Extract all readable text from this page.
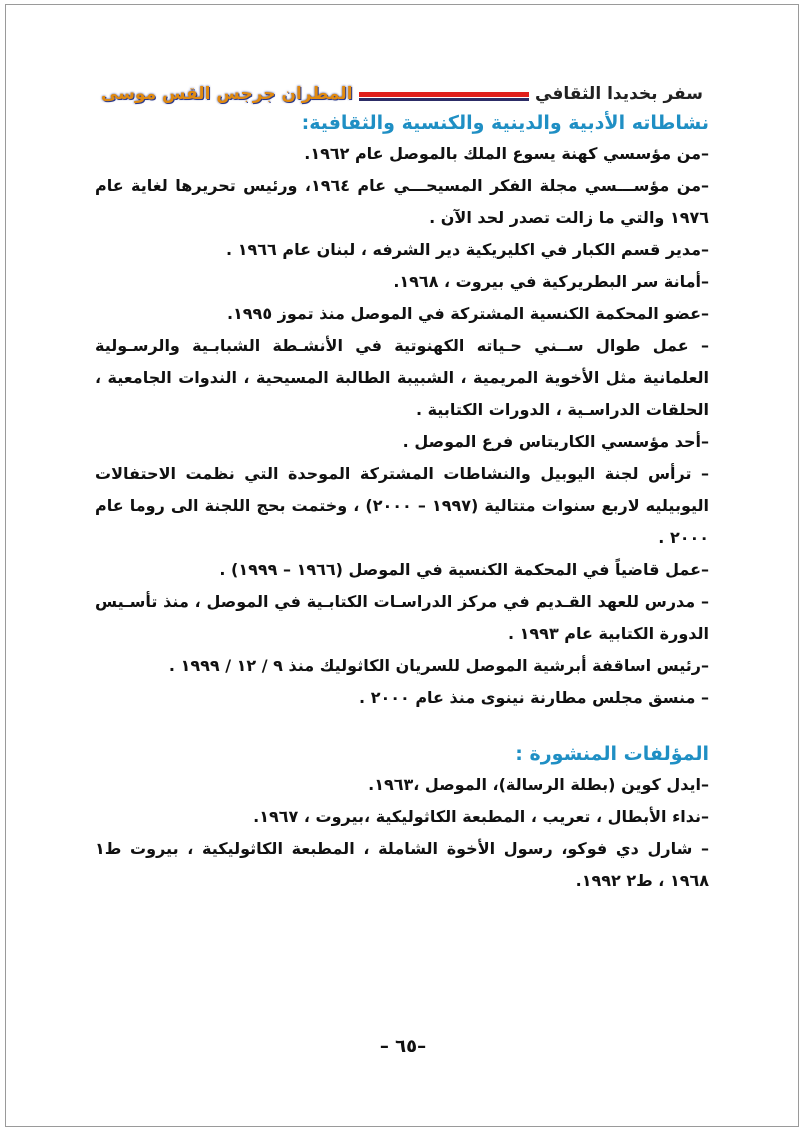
سفر بخديدا الثقافي
المطران جرجس القس موسى
نشاطاته الأدبية والدينية والكنسية والثقافية:
–من مؤسسي كهنة يسوع الملك بالموصل عام ١٩٦٢.
–من مؤســـسي مجلة الفكر المسيحـــي عام ١٩٦٤، ورئيس تحريرها لغاية عام ١٩٧٦ والتي ما زالت تصدر لحد الآن .
–مدير قسم الكبار في اكليريكية دير الشرفه ، لبنان عام ١٩٦٦ .
–أمانة سر البطريركية في بيروت ، ١٩٦٨.
–عضو المحكمة الكنسية المشتركة في الموصل منذ تموز ١٩٩٥.
– عمل طوال ســني حـياته الكهنوتية في الأنشـطة الشبابـية والرسـولية العلمانية مثل الأخوية المريمية ، الشبيبة الطالبة المسيحية ، الندوات الجامعية ، الحلقات الدراسـية ، الدورات الكتابية .
–أحد مؤسسي الكاريتاس فرع الموصل .
– ترأس لجنة اليوبيل والنشاطات المشتركة الموحدة التي نظمت الاحتفالات اليوبيليه لاربع سنوات متتالية (١٩٩٧ – ٢٠٠٠) ، وختمت بحج اللجنة الى روما عام ٢٠٠٠ .
–عمل قاضياً في المحكمة الكنسية في الموصل (١٩٦٦ – ١٩٩٩) .
– مدرس للعهد القـديم في مركز الدراسـات الكتابـية في الموصل ، منذ تأسـيس الدورة الكتابية عام ١٩٩٣ .
–رئيس اساقفة أبرشية الموصل للسريان الكاثوليك منذ ٩ / ١٢ / ١٩٩٩ .
– منسق مجلس مطارنة نينوى منذ عام ٢٠٠٠ .
المؤلفات المنشورة :
–ايدل كوين (بطلة الرسالة)، الموصل ،١٩٦٣.
–نداء الأبطال ، تعريب ، المطبعة الكاثوليكية ،بيروت ، ١٩٦٧.
– شارل دي فوكو، رسول الأخوة الشاملة ، المطبعة الكاثوليكية ، بيروت ط١ ١٩٦٨ ، ط٢ ١٩٩٢.
–٦٥ –
